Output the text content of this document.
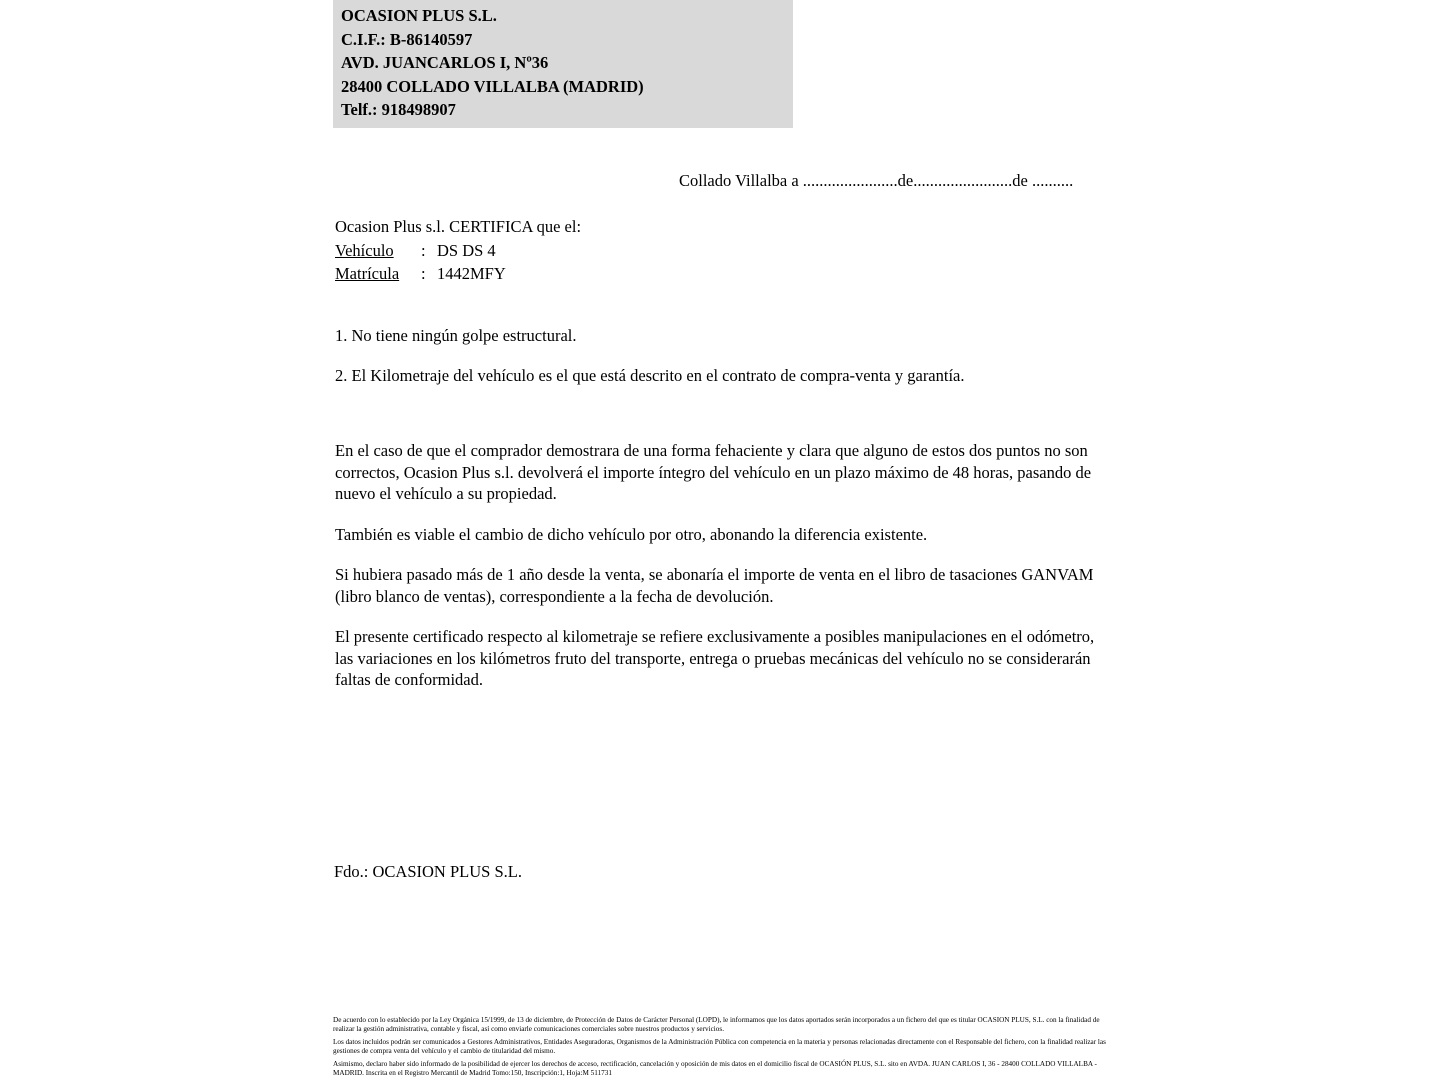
OCASION PLUS S.L.
C.I.F.: B-86140597
AVD. JUANCARLOS I, Nº36
28400 COLLADO VILLALBA (MADRID)
Telf.: 918498907
Collado Villalba a .......................de........................de ..........
Ocasion Plus s.l. CERTIFICA que el:
Vehículo	: DS DS 4
Matrícula	: 1442MFY
1. No tiene ningún golpe estructural.
2. El Kilometraje del vehículo es el que está descrito en el contrato de compra-venta y garantía.

En el caso de que el comprador demostrara de una forma fehaciente y clara que alguno de estos dos puntos no son correctos, Ocasion Plus s.l. devolverá el importe íntegro del vehículo en un plazo máximo de 48 horas, pasando de nuevo el vehículo a su propiedad.

También es viable el cambio de dicho vehículo por otro, abonando la diferencia existente.

Si hubiera pasado más de 1 año desde la venta, se abonaría el importe de venta en el libro de tasaciones GANVAM (libro blanco de ventas), correspondiente a la fecha de devolución.

El presente certificado respecto al kilometraje se refiere exclusivamente a posibles manipulaciones en el odómetro, las variaciones en los kilómetros fruto del transporte, entrega o pruebas mecánicas del vehículo no se considerarán faltas de conformidad.

Fdo.: OCASION PLUS S.L.

De acuerdo con lo establecido por la Ley Orgánica 15/1999, de 13 de diciembre, de Protección de Datos de Carácter Personal (LOPD), le informamos que los datos aportados serán incorporados a un fichero del que es titular OCASION PLUS, S.L. con la finalidad de realizar la gestión administrativa, contable y fiscal, así como enviarle comunicaciones comerciales sobre nuestros productos y servicios.

Los datos incluidos podrán ser comunicados a Gestores Administrativos, Entidades Aseguradoras, Organismos de la Administración Pública con competencia en la materia y personas relacionadas directamente con el Responsable del fichero, con la finalidad realizar las gestiones de compra venta del vehículo y el cambio de titularidad del mismo.

Asimismo, declaro haber sido informado de la posibilidad de ejercer los derechos de acceso, rectificación, cancelación y oposición de mis datos en el domicilio fiscal de OCASIÓN PLUS, S.L. sito en AVDA. JUAN CARLOS I, 36 - 28400 COLLADO VILLALBA - MADRID. Inscrita en el Registro Mercantil de Madrid Tomo:150, Inscripción:1, Hoja:M 511731
